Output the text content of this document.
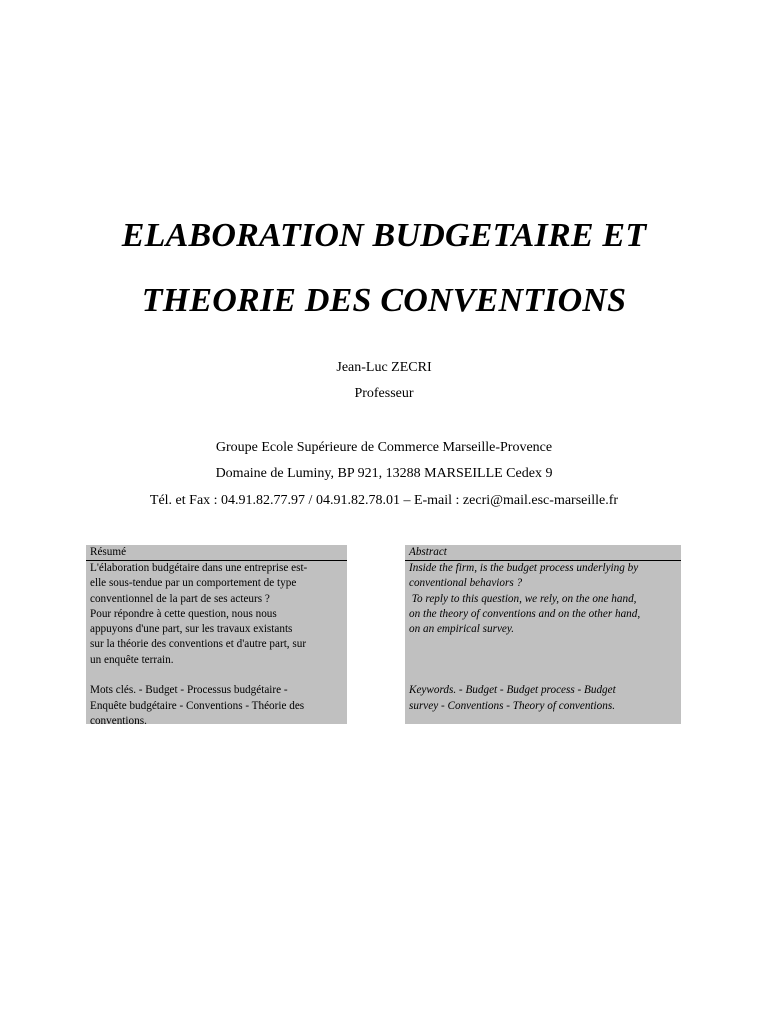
ELABORATION BUDGETAIRE ET
THEORIE DES CONVENTIONS

Jean-Luc ZECRI

Professeur

Groupe Ecole Supérieure de Commerce Marseille-Provence

Domaine de Luminy, BP 921, 13288 MARSEILLE Cedex 9

Tél. et Fax : 04.91.82.77.97 / 04.91.82.78.01 – E-mail : zecri@mail.esc-marseille.fr

Résumé

L'élaboration budgétaire dans une entreprise est-

elle sous-tendue par un comportement de type

conventionnel de la part de ses acteurs ?

Pour répondre à cette question, nous nous

appuyons d'une part, sur les travaux existants

sur la théorie des conventions et d'autre part, sur

un enquête terrain.

Mots clés. - Budget - Processus budgétaire -

Enquête budgétaire - Conventions - Théorie des

conventions.

Abstract

Inside the firm, is the budget process underlying by

conventional behaviors ?

To reply to this question, we rely, on the one hand,

on the theory of conventions and on the other hand,

on an empirical survey.

Keywords. - Budget - Budget process - Budget

survey - Conventions - Theory of conventions.
